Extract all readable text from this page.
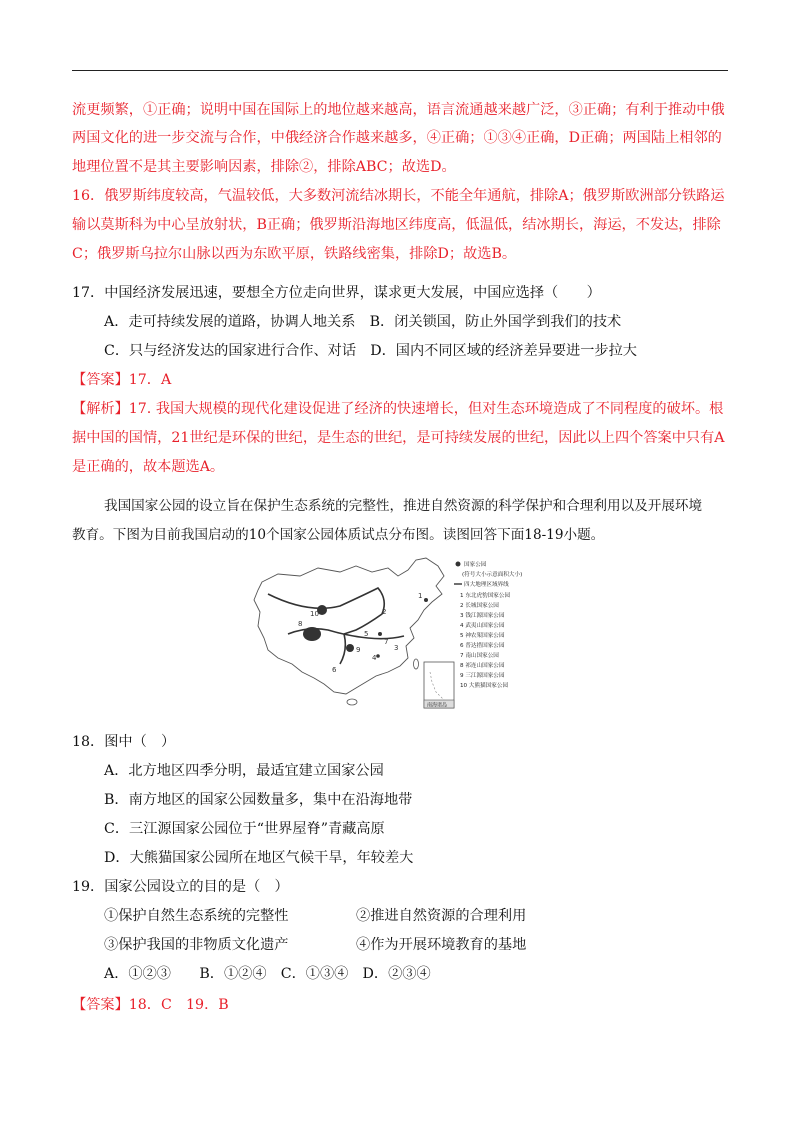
流更频繁，①正确；说明中国在国际上的地位越来越高，语言流通越来越广泛，③正确；有利于推动中俄
两国文化的进一步交流与合作，中俄经济合作越来越多，④正确；①③④正确，D正确；两国陆上相邻的
地理位置不是其主要影响因素，排除②，排除ABC；故选D。
16．俄罗斯纬度较高，气温较低，大多数河流结冰期长，不能全年通航，排除A；俄罗斯欧洲部分铁路运
输以莫斯科为中心呈放射状，B正确；俄罗斯沿海地区纬度高，低温低，结冰期长，海运，不发达，排除
C；俄罗斯乌拉尔山脉以西为东欧平原，铁路线密集，排除D；故选B。
17．中国经济发展迅速，要想全方位走向世界，谋求更大发展，中国应选择（　　）
A．走可持续发展的道路，协调人地关系　B．闭关锁国，防止外国学到我们的技术
C．只与经济发达的国家进行合作、对话　D．国内不同区域的经济差异要进一步拉大
【答案】17．A
【解析】17. 我国大规模的现代化建设促进了经济的快速增长，但对生态环境造成了不同程度的破坏。根
据中国的国情，21世纪是环保的世纪，是生态的世纪，是可持续发展的世纪，因此以上四个答案中只有A
是正确的，故本题选A。
我国国家公园的设立旨在保护生态系统的完整性，推进自然资源的科学保护和合理利用以及开展环境
教育。下图为目前我国启动的10个国家公园体质试点分布图。读图回答下面18-19小题。
1
2
3
4
5
6
7
8
9
10
南海诸岛
国家公园
(符号大小示意面积大小)
四大地理区域界线
1 东北虎豹国家公园
2 长城国家公园
3 钱江源国家公园
4 武夷山国家公园
5 神农架国家公园
6 普达措国家公园
7 南山国家公园
8 祁连山国家公园
9 三江源国家公园
10 大熊猫国家公园
18．图中（　）
A．北方地区四季分明，最适宜建立国家公园
B．南方地区的国家公园数量多，集中在沿海地带
C．三江源国家公园位于“世界屋脊”青藏高原
D．大熊猫国家公园所在地区气候干旱，年较差大
19．国家公园设立的目的是（　）
①保护自然生态系统的完整性	②推进自然资源的合理利用
③保护我国的非物质文化遗产	④作为开展环境教育的基地
A．①②③　　B．①②④　C．①③④　D．②③④
【答案】18．C　19．B
